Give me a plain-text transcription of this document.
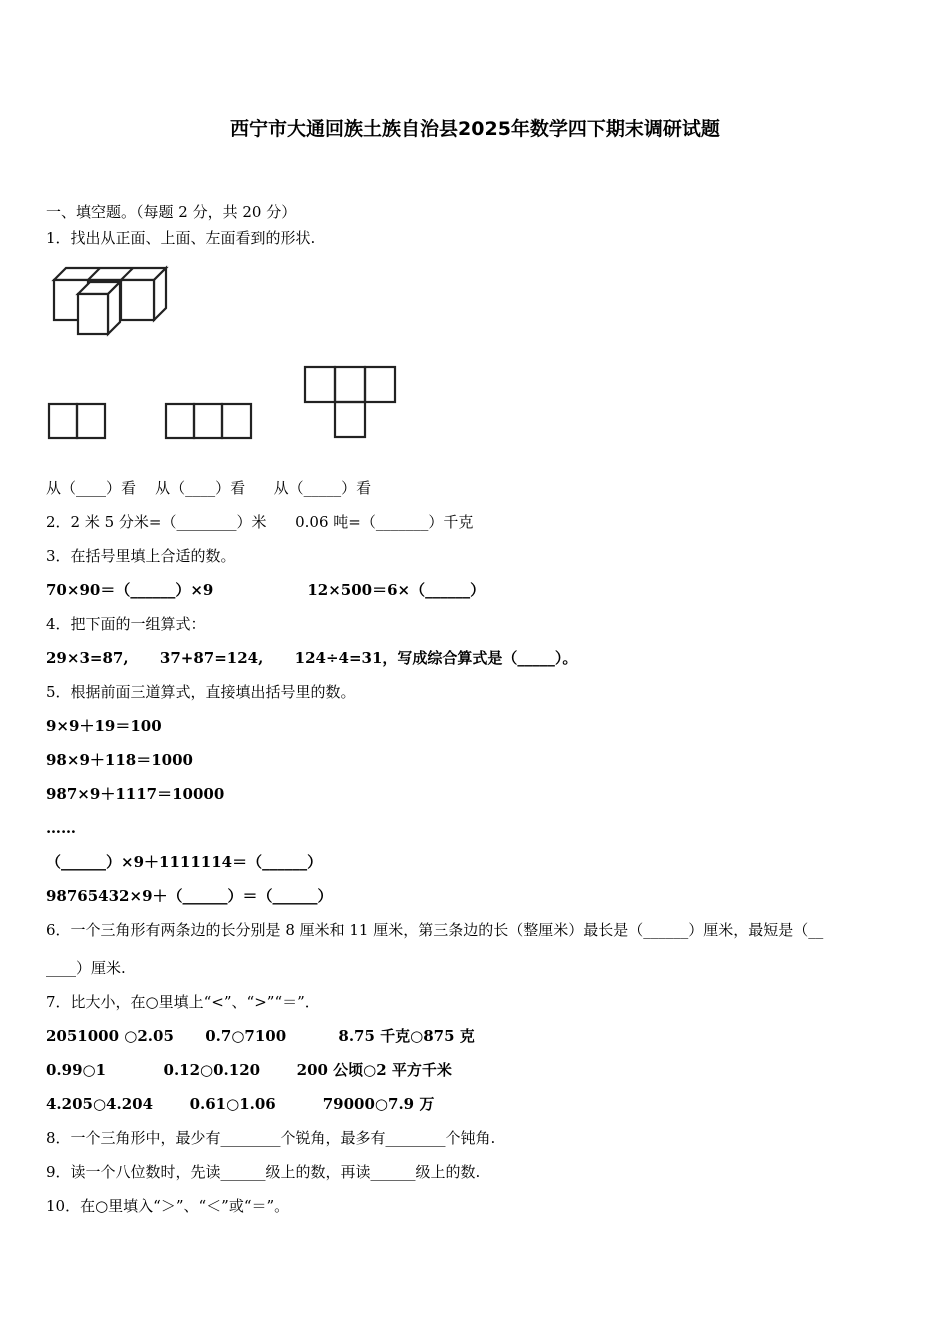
西宁市大通回族土族自治县2025年数学四下期末调研试题
一、填空题。（每题 2 分，共 20 分）
1．找出从正面、上面、左面看到的形状.
从（____）看    从（____）看      从（_____）看
2．2 米 5 分米=（________）米      0.06 吨=（_______）千克
3．在括号里填上合适的数。
70×90＝（______）×9                  12×500＝6×（______）
4．把下面的一组算式：
29×3=87,      37+87=124,      124÷4=31，写成综合算式是（_____）。
5．根据前面三道算式，直接填出括号里的数。
9×9＋19＝100
98×9＋118＝1000
987×9＋1117＝10000
……
（______）×9＋1111114＝（______）
98765432×9＋（______）＝（______）
6．一个三角形有两条边的长分别是 8 厘米和 11 厘米，第三条边的长（整厘米）最长是（______）厘米，最短是（__
____）厘米.
7．比大小，在○里填上“<”、“>”“＝”．
2051000 ○2.05      0.7○7100          8.75 千克○875 克
0.99○1           0.12○0.120       200 公顷○2 平方千米
4.205○4.204       0.61○1.06         79000○7.9 万
8．一个三角形中，最少有________个锐角，最多有________个钝角.
9．读一个八位数时，先读______级上的数，再读______级上的数.
10．在○里填入“＞”、“＜”或“＝”。
